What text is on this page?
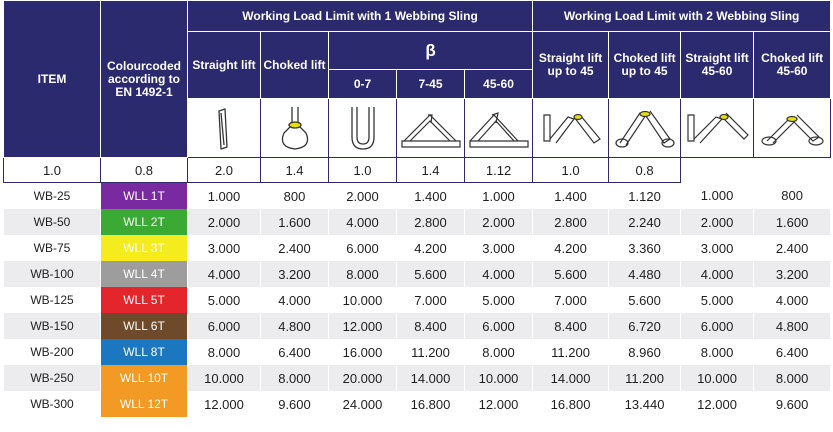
ITEM	Colourcoded according to EN 1492-1	Working Load Limit with 1 Webbing Sling					Working Load Limit with 2 Webbing Sling			
		Straight lift	Choked lift	β			Straight lift up to 45	Choked lift up to 45	Straight lift 45-60	Choked lift 45-60
				0-7	7-45	45-60				

1.0	0.8	2.0	1.4	1.0	1.4	1.12	1.0	0.8		
WB-25	WLL 1T	1.000	800	2.000	1.400	1.000	1.400	1.120	1.000	800
WB-50	WLL 2T	2.000	1.600	4.000	2.800	2.000	2.800	2.240	2.000	1.600
WB-75	WLL 3T	3.000	2.400	6.000	4.200	3.000	4.200	3.360	3.000	2.400
WB-100	WLL 4T	4.000	3.200	8.000	5.600	4.000	5.600	4.480	4.000	3.200
WB-125	WLL 5T	5.000	4.000	10.000	7.000	5.000	7.000	5.600	5.000	4.000
WB-150	WLL 6T	6.000	4.800	12.000	8.400	6.000	8.400	6.720	6.000	4.800
WB-200	WLL 8T	8.000	6.400	16.000	11.200	8.000	11.200	8.960	8.000	6.400
WB-250	WLL 10T	10.000	8.000	20.000	14.000	10.000	14.000	11.200	10.000	8.000
WB-300	WLL 12T	12.000	9.600	24.000	16.800	12.000	16.800	13.440	12.000	9.600
